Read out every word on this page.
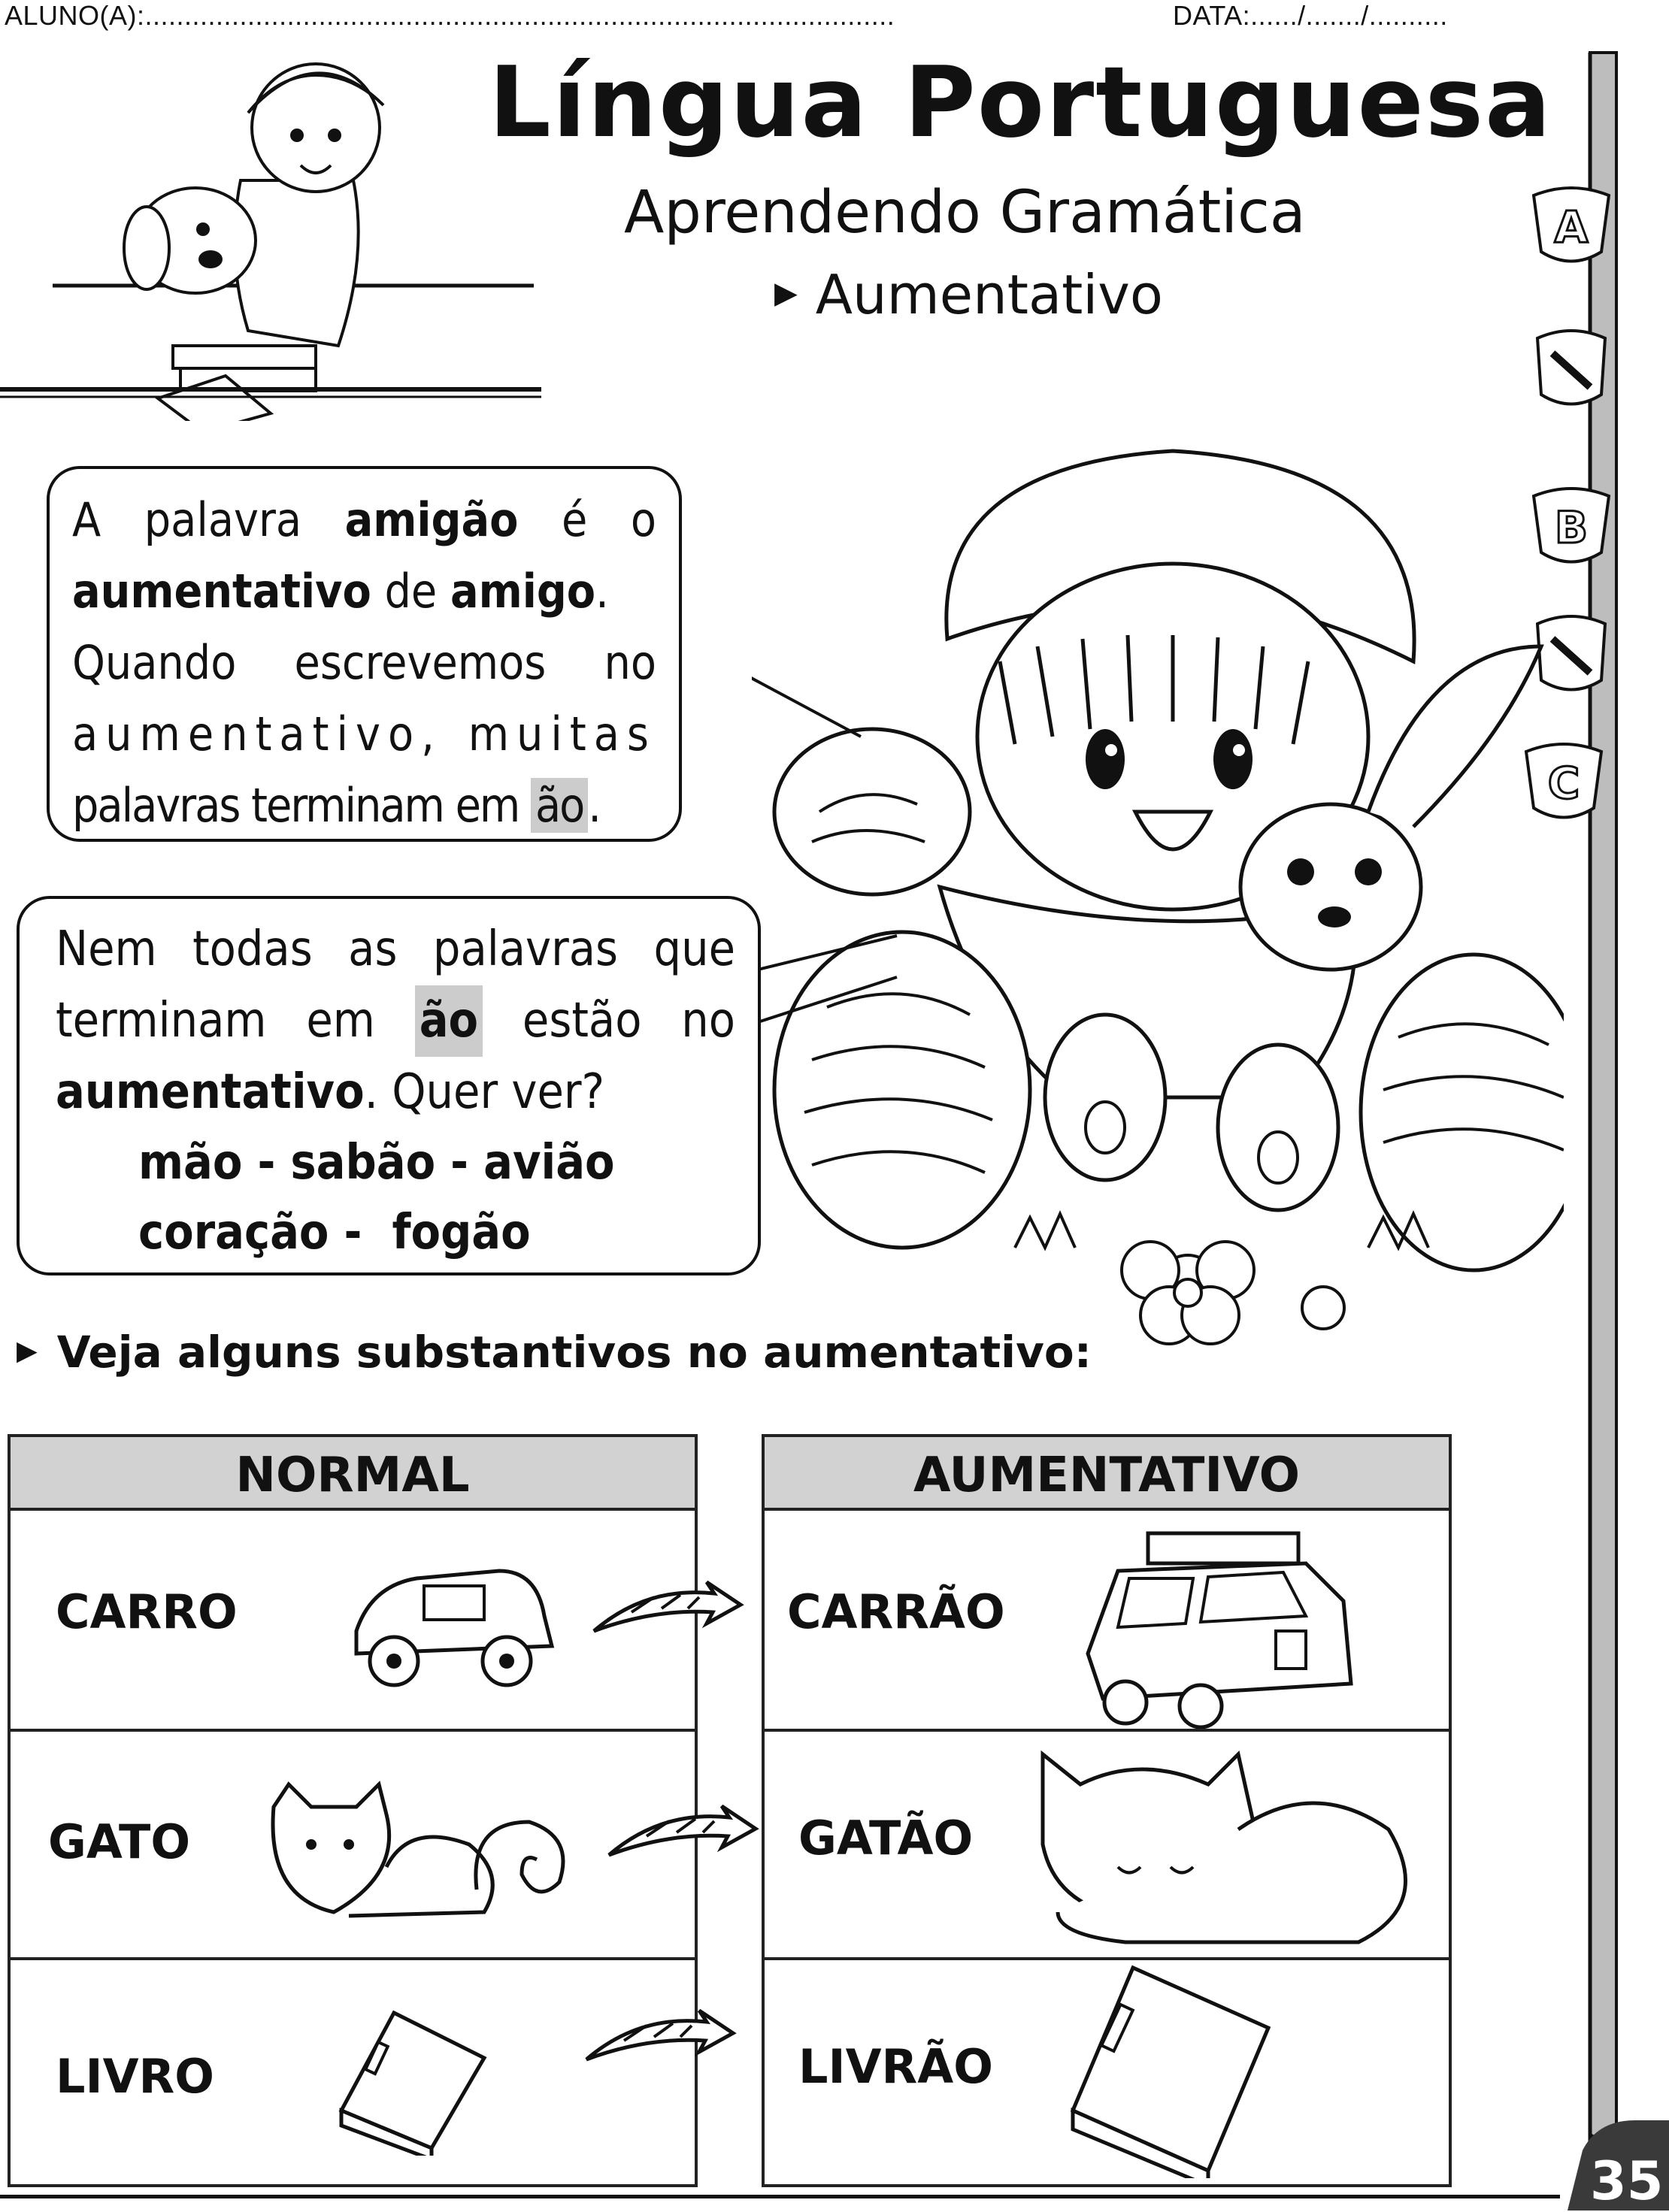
ALUNO(A):...............................................................................................	DATA:....../......./..........
Língua Portuguesa
Aprendendo Gramática
▶ Aumentativo
A
B
C
A palavra amigão é o
aumentativo de amigo.
Quando escrevemos no
aumentativo, muitas
palavras terminam em ão.
Nem todas as palavras que
terminam em ão estão no
aumentativo. Quer ver?
mão - sabão - avião
coração -  fogão
▶ Veja alguns substantivos no aumentativo:
NORMAL
CARRO
GATO
LIVRO
AUMENTATIVO
CARRÃO
GATÃO
LIVRÃO
35
